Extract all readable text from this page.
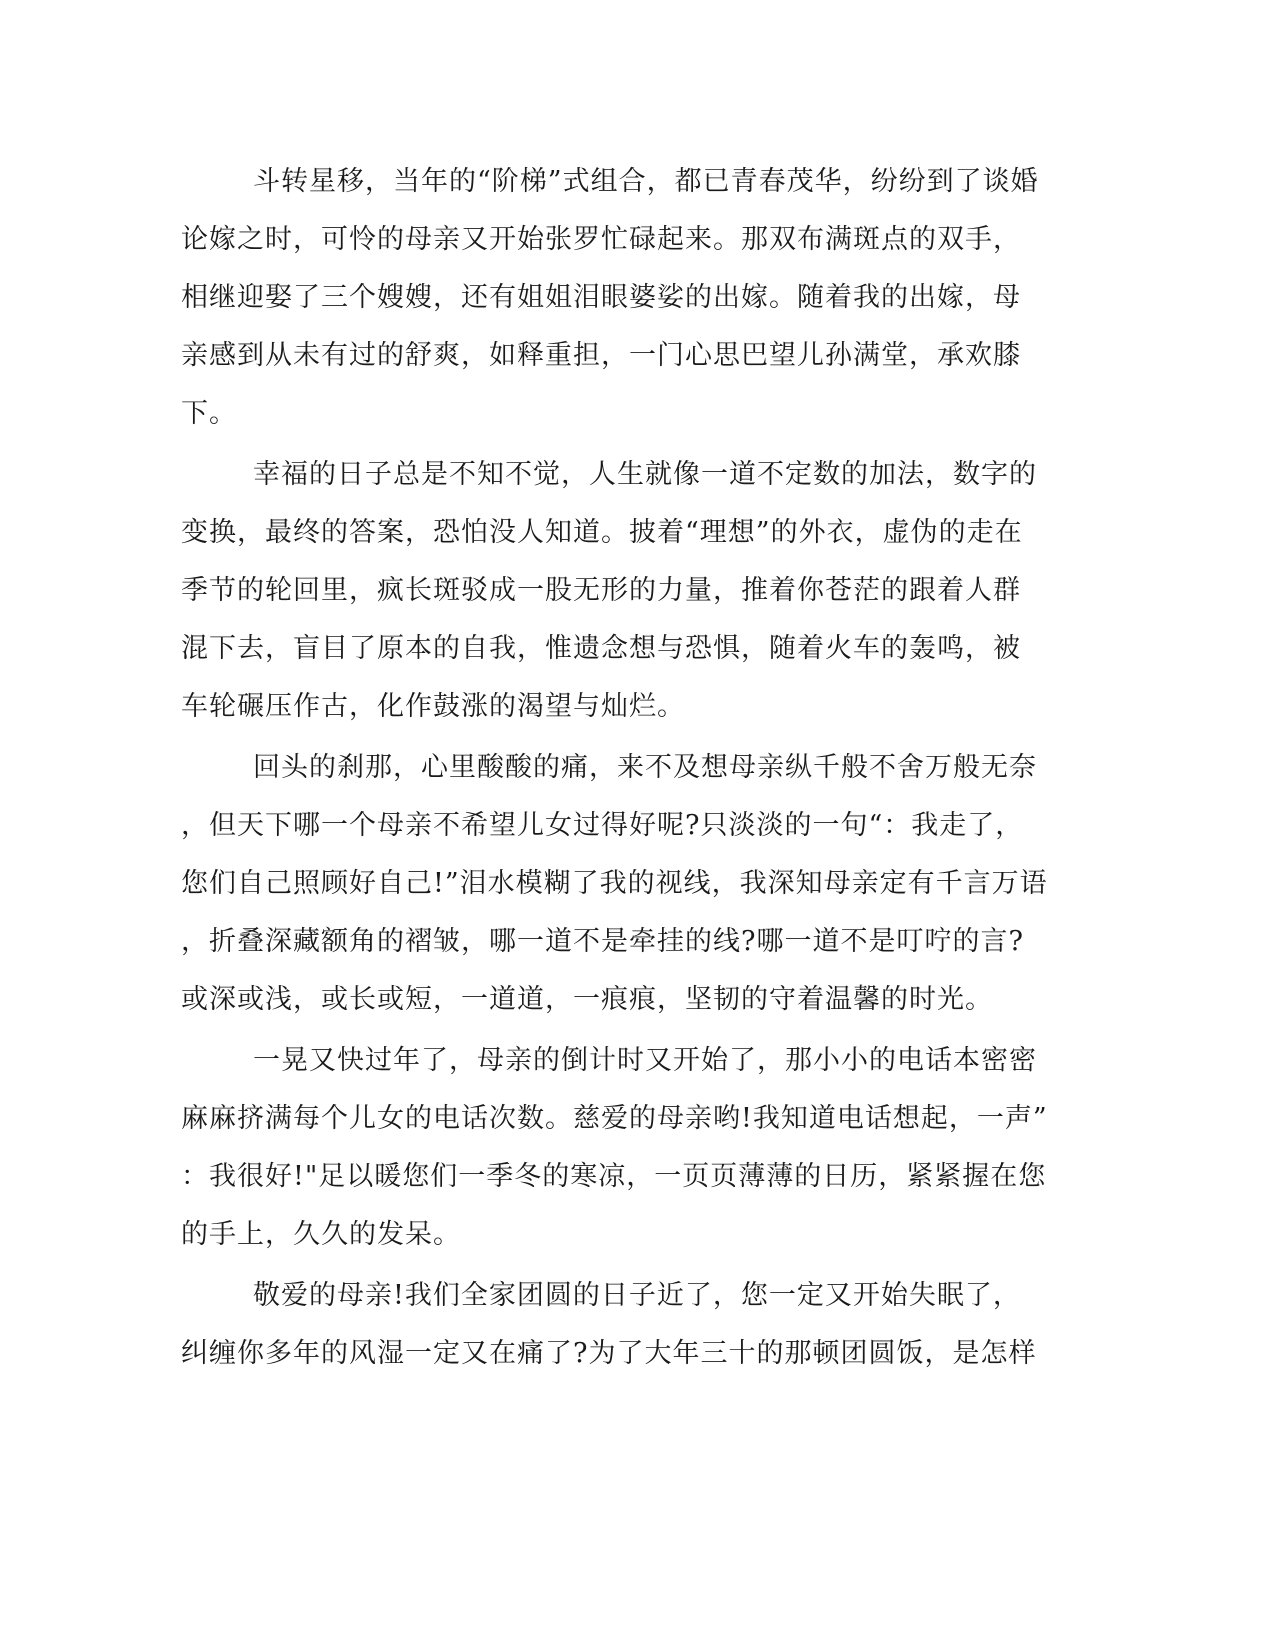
斗转星移，当年的“阶梯”式组合，都已青春茂华，纷纷到了谈婚
论嫁之时，可怜的母亲又开始张罗忙碌起来。那双布满斑点的双手，
相继迎娶了三个嫂嫂，还有姐姐泪眼婆娑的出嫁。随着我的出嫁，母
亲感到从未有过的舒爽，如释重担，一门心思巴望儿孙满堂，承欢膝
下。
幸福的日子总是不知不觉，人生就像一道不定数的加法，数字的
变换，最终的答案，恐怕没人知道。披着“理想”的外衣，虚伪的走在
季节的轮回里，疯长斑驳成一股无形的力量，推着你苍茫的跟着人群
混下去，盲目了原本的自我，惟遗念想与恐惧，随着火车的轰鸣，被
车轮碾压作古，化作鼓涨的渴望与灿烂。
回头的刹那，心里酸酸的痛，来不及想母亲纵千般不舍万般无奈
，但天下哪一个母亲不希望儿女过得好呢?只淡淡的一句“：我走了，
您们自己照顾好自己!”泪水模糊了我的视线，我深知母亲定有千言万语
，折叠深藏额角的褶皱，哪一道不是牵挂的线?哪一道不是叮咛的言?
或深或浅，或长或短，一道道，一痕痕，坚韧的守着温馨的时光。
一晃又快过年了，母亲的倒计时又开始了，那小小的电话本密密
麻麻挤满每个儿女的电话次数。慈爱的母亲哟!我知道电话想起，一声”
：我很好!"足以暖您们一季冬的寒凉，一页页薄薄的日历，紧紧握在您
的手上，久久的发呆。
敬爱的母亲!我们全家团圆的日子近了，您一定又开始失眠了，
纠缠你多年的风湿一定又在痛了?为了大年三十的那顿团圆饭，是怎样
